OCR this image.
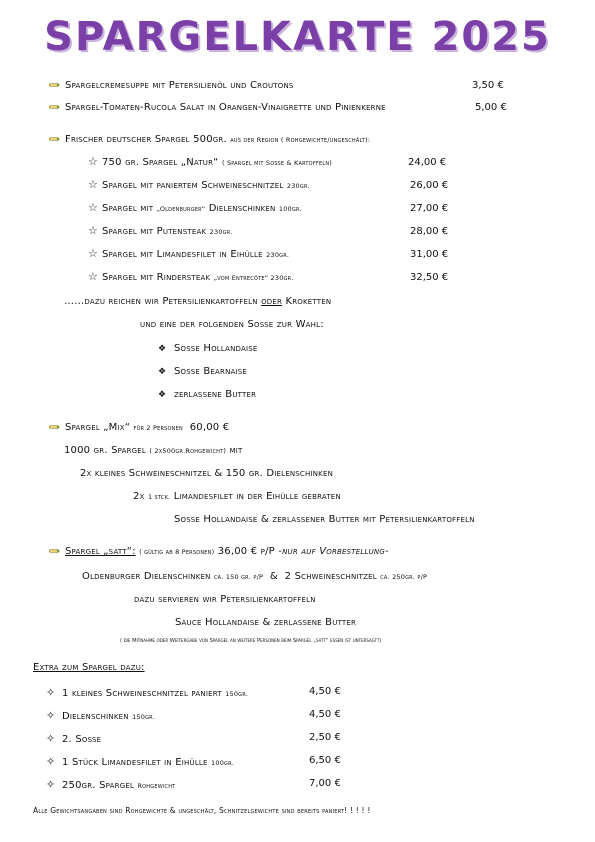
SPARGELKARTE 2025
Spargelcremesuppe mit Petersilienöl und Croutons	3,50 €
Spargel-Tomaten-Rucola Salat in Orangen-Vinaigrette und Pinienkerne	5,00 €
Frischer deutscher Spargel 500gr. aus der Region ( Rohgewichte/ungeschält):
☆ 750 gr. Spargel „Natur“ ( Spargel mit Soße & Kartoffeln)	24,00 €
☆ Spargel mit paniertem Schweineschnitzel 230gr.	26,00 €
☆ Spargel mit „Oldenburger“ Dielenschinken 100gr.	27,00 €
☆ Spargel mit Putensteak 230gr.	28,00 €
☆ Spargel mit Limandesfilet in Eihülle 230gr.	31,00 €
☆ Spargel mit Rindersteak „vom Entrecôte“ 230gr.	32,50 €
……dazu reichen wir Petersilienkartoffeln oder Kroketten
und eine der folgenden Soße zur Wahl:
❖ Soße Hollandaise
❖ Soße Bearnaise
❖ zerlassene Butter
Spargel „Mix“ für 2 Personen 60,00 €
1000 gr. Spargel ( 2x500gr.Rohgewicht) mit
2x kleines Schweineschnitzel & 150 gr. Dielenschinken
2x 1 stck. Limandesfilet in der Eihülle gebraten
Soße Hollandaise & zerlassener Butter mit Petersilienkartoffeln
Spargel „satt“: ( gültig ab 8 Personen) 36,00 € p/P -nur auf Vorbestellung-
Oldenburger Dielenschinken ca. 150 gr. p/P & 2 Schweineschnitzel ca. 250gr. p/P
dazu servieren wir Petersilienkartoffeln
Sauce Hollandaise & zerlassene Butter
( die Mitnahme oder Weitergabe von Spargel an weitere Personen beim Spargel „satt“ essen ist untersagt!)
Extra zum Spargel dazu:
✧ 1 kleines Schweineschnitzel paniert 150gr.	4,50 €
✧ Dielenschinken 150gr.	4,50 €
✧ 2. Soße	2,50 €
✧ 1 Stück Limandesfilet in Eihülle 100gr.	6,50 €
✧ 250gr. Spargel Rohgewicht	7,00 €
Alle Gewichtsangaben sind Rohgewichte & ungeschält, Schnitzelgewichte sind bereits paniert! ! ! ! !
